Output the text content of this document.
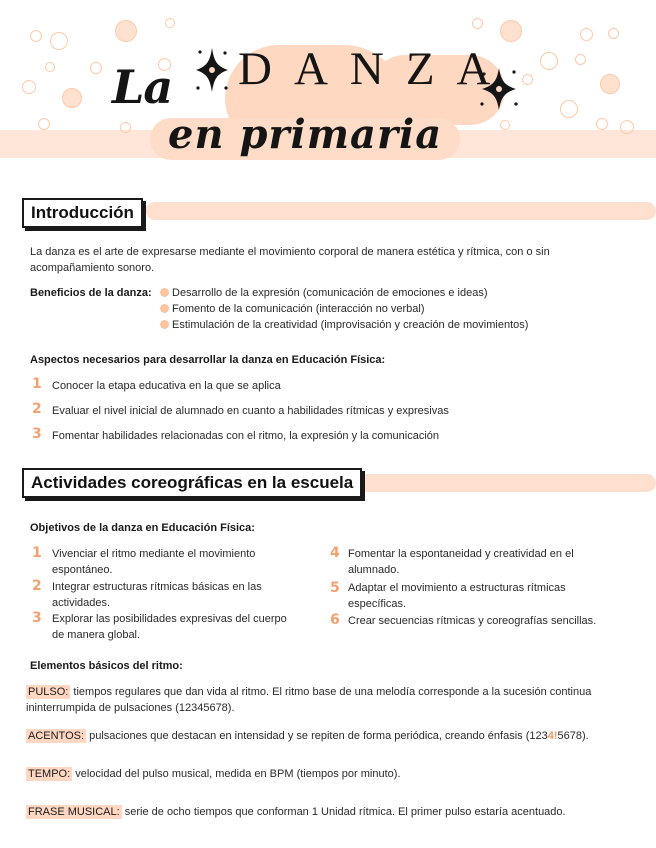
La DANZA
en primaria
Introducción
La danza es el arte de expresarse mediante el movimiento corporal de manera estética y rítmica, con o sin acompañamiento sonoro.
Beneficios de la danza:	Desarrollo de la expresión (comunicación de emociones e ideas)
Fomento de la comunicación (interacción no verbal)
Estimulación de la creatividad (improvisación y creación de movimientos)
Aspectos necesarios para desarrollar la danza en Educación Física:
1 Conocer la etapa educativa en la que se aplica
2 Evaluar el nivel inicial de alumnado en cuanto a habilidades rítmicas y expresivas
3 Fomentar habilidades relacionadas con el ritmo, la expresión y la comunicación
Actividades coreográficas en la escuela
Objetivos de la danza en Educación Física:
1 Vivenciar el ritmo mediante el movimiento espontáneo.
2 Integrar estructuras rítmicas básicas en las actividades.
3 Explorar las posibilidades expresivas del cuerpo de manera global.
4 Fomentar la espontaneidad y creatividad en el alumnado.
5 Adaptar el movimiento a estructuras rítmicas específicas.
6 Crear secuencias rítmicas y coreografías sencillas.
Elementos básicos del ritmo:
PULSO: tiempos regulares que dan vida al ritmo. El ritmo base de una melodía corresponde a la sucesión continua ininterrumpida de pulsaciones (12345678).
ACENTOS: pulsaciones que destacan en intensidad y se repiten de forma periódica, creando énfasis (1234!5678).
TEMPO: velocidad del pulso musical, medida en BPM (tiempos por minuto).
FRASE MUSICAL: serie de ocho tiempos que conforman 1 Unidad rítmica. El primer pulso estaría acentuado.
